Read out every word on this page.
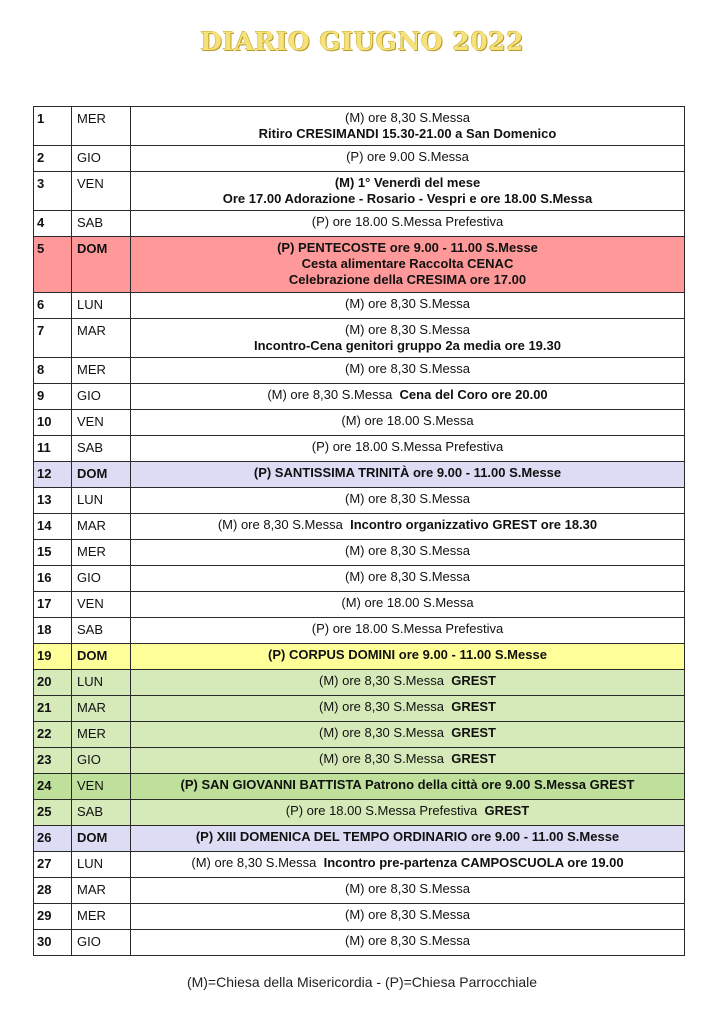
DIARIO GIUGNO 2022
1	MER	(M) ore 8,30 S.Messa
Ritiro CRESIMANDI 15.30-21.00 a San Domenico

2	GIO	(P) ore 9.00 S.Messa

3	VEN	(M) 1° Venerdì del mese
Ore 17.00 Adorazione - Rosario - Vespri e ore 18.00 S.Messa

4	SAB	(P) ore 18.00 S.Messa Prefestiva

5	DOM	(P) PENTECOSTE ore 9.00 - 11.00 S.Messe
Cesta alimentare Raccolta CENAC
Celebrazione della CRESIMA ore 17.00

6	LUN	(M) ore 8,30 S.Messa

7	MAR	(M) ore 8,30 S.Messa
Incontro-Cena genitori gruppo 2a media ore 19.30

8	MER	(M) ore 8,30 S.Messa

9	GIO	(M) ore 8,30 S.Messa Cena del Coro ore 20.00

10	VEN	(M) ore 18.00 S.Messa

11	SAB	(P) ore 18.00 S.Messa Prefestiva

12	DOM	(P) SANTISSIMA TRINITÀ ore 9.00 - 11.00 S.Messe

13	LUN	(M) ore 8,30 S.Messa

14	MAR	(M) ore 8,30 S.Messa Incontro organizzativo GREST ore 18.30

15	MER	(M) ore 8,30 S.Messa

16	GIO	(M) ore 8,30 S.Messa

17	VEN	(M) ore 18.00 S.Messa

18	SAB	(P) ore 18.00 S.Messa Prefestiva

19	DOM	(P) CORPUS DOMINI ore 9.00 - 11.00 S.Messe

20	LUN	(M) ore 8,30 S.Messa GREST

21	MAR	(M) ore 8,30 S.Messa GREST

22	MER	(M) ore 8,30 S.Messa GREST

23	GIO	(M) ore 8,30 S.Messa GREST

24	VEN	(P) SAN GIOVANNI BATTISTA Patrono della città ore 9.00 S.Messa GREST

25	SAB	(P) ore 18.00 S.Messa Prefestiva GREST

26	DOM	(P) XIII DOMENICA DEL TEMPO ORDINARIO ore 9.00 - 11.00 S.Messe

27	LUN	(M) ore 8,30 S.Messa Incontro pre-partenza CAMPOSCUOLA ore 19.00

28	MAR	(M) ore 8,30 S.Messa

29	MER	(M) ore 8,30 S.Messa

30	GIO	(M) ore 8,30 S.Messa
(M)=Chiesa della Misericordia - (P)=Chiesa Parrocchiale
